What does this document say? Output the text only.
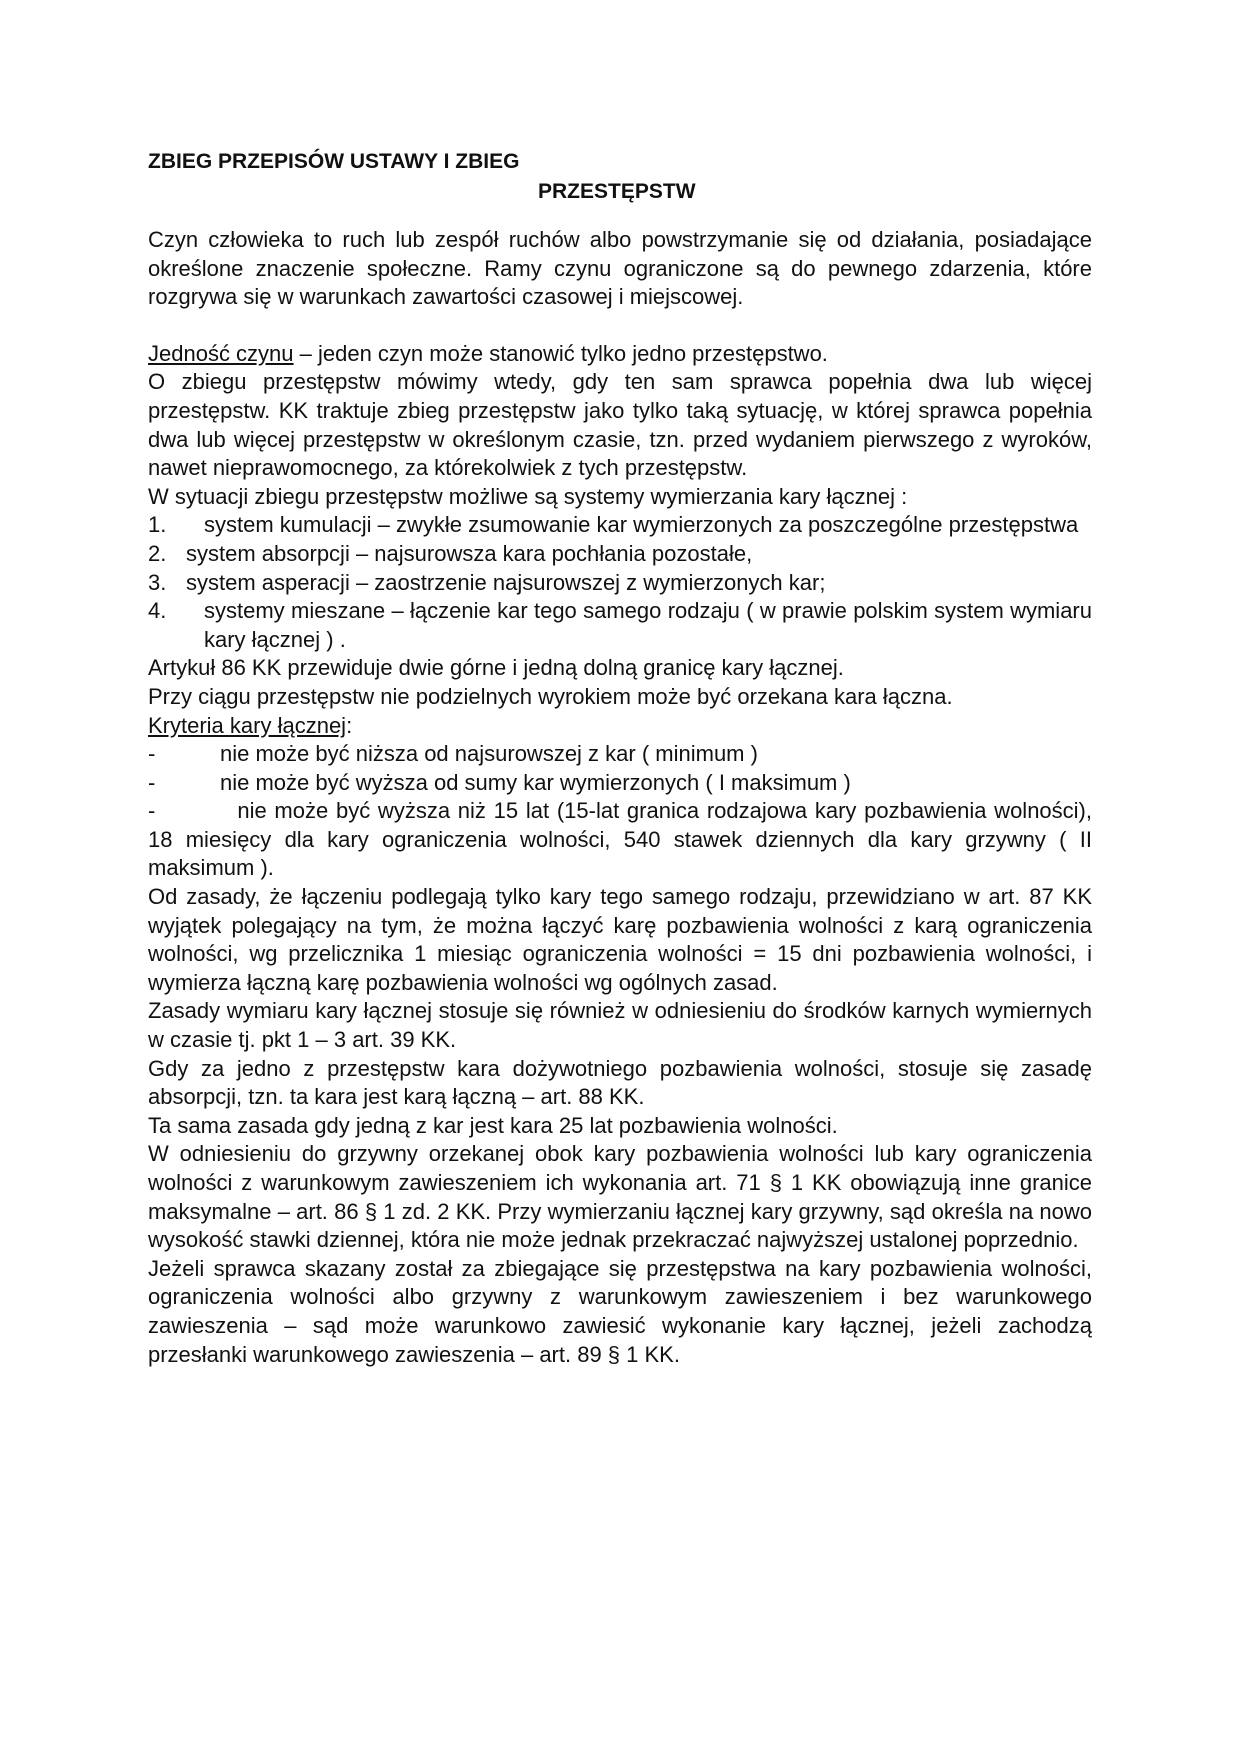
ZBIEG PRZEPISÓW USTAWY I ZBIEG
PRZESTĘPSTW

Czyn człowieka to ruch lub zespół ruchów albo powstrzymanie się od działania, posiadające określone znaczenie społeczne. Ramy czynu ograniczone są do pewnego zdarzenia, które rozgrywa się w warunkach zawartości czasowej i miejscowej.

Jedność czynu – jeden czyn może stanowić tylko jedno przestępstwo.

O zbiegu przestępstw mówimy wtedy, gdy ten sam sprawca popełnia dwa lub więcej przestępstw. KK traktuje zbieg przestępstw jako tylko taką sytuację, w której sprawca popełnia dwa lub więcej przestępstw w określonym czasie, tzn. przed wydaniem pierwszego z wyroków, nawet nieprawomocnego, za którekolwiek z tych przestępstw.

W sytuacji zbiegu przestępstw możliwe są systemy wymierzania kary łącznej :

1.	system kumulacji – zwykłe zsumowanie kar wymierzonych za poszczególne przestępstwa
2. system absorpcji – najsurowsza kara pochłania pozostałe,
3. system asperacji – zaostrzenie najsurowszej z wymierzonych kar;
4.	systemy mieszane – łączenie kar tego samego rodzaju ( w prawie polskim system wymiaru kary łącznej ) .

Artykuł 86 KK przewiduje dwie górne i jedną dolną granicę kary łącznej.

Przy ciągu przestępstw nie podzielnych wyrokiem może być orzekana kara łączna.

Kryteria kary łącznej:

-	nie może być niższa od najsurowszej z kar ( minimum )
-	nie może być wyższa od sumy kar wymierzonych ( I maksimum )

-	nie może być wyższa niż 15 lat (15-lat granica rodzajowa kary pozbawienia wolności), 18 miesięcy dla kary ograniczenia wolności, 540 stawek dziennych dla kary grzywny ( II maksimum ).

Od zasady, że łączeniu podlegają tylko kary tego samego rodzaju, przewidziano w art. 87 KK wyjątek polegający na tym, że można łączyć karę pozbawienia wolności z karą ograniczenia wolności, wg przelicznika 1 miesiąc ograniczenia wolności = 15 dni pozbawienia wolności, i wymierza łączną karę pozbawienia wolności wg ogólnych zasad.

Zasady wymiaru kary łącznej stosuje się również w odniesieniu do środków karnych wymiernych w czasie tj. pkt 1 – 3 art. 39 KK.

Gdy za jedno z przestępstw kara dożywotniego pozbawienia wolności, stosuje się zasadę absorpcji, tzn. ta kara jest karą łączną – art. 88 KK.

Ta sama zasada gdy jedną z kar jest kara 25 lat pozbawienia wolności.

W odniesieniu do grzywny orzekanej obok kary pozbawienia wolności lub kary ograniczenia wolności z warunkowym zawieszeniem ich wykonania art. 71 § 1 KK obowiązują inne granice maksymalne – art. 86 § 1 zd. 2 KK. Przy wymierzaniu łącznej kary grzywny, sąd określa na nowo wysokość stawki dziennej, która nie może jednak przekraczać najwyższej ustalonej poprzednio.

Jeżeli sprawca skazany został za zbiegające się przestępstwa na kary pozbawienia wolności, ograniczenia wolności albo grzywny z warunkowym zawieszeniem i bez warunkowego zawieszenia – sąd może warunkowo zawiesić wykonanie kary łącznej, jeżeli zachodzą przesłanki warunkowego zawieszenia – art. 89 § 1 KK.
